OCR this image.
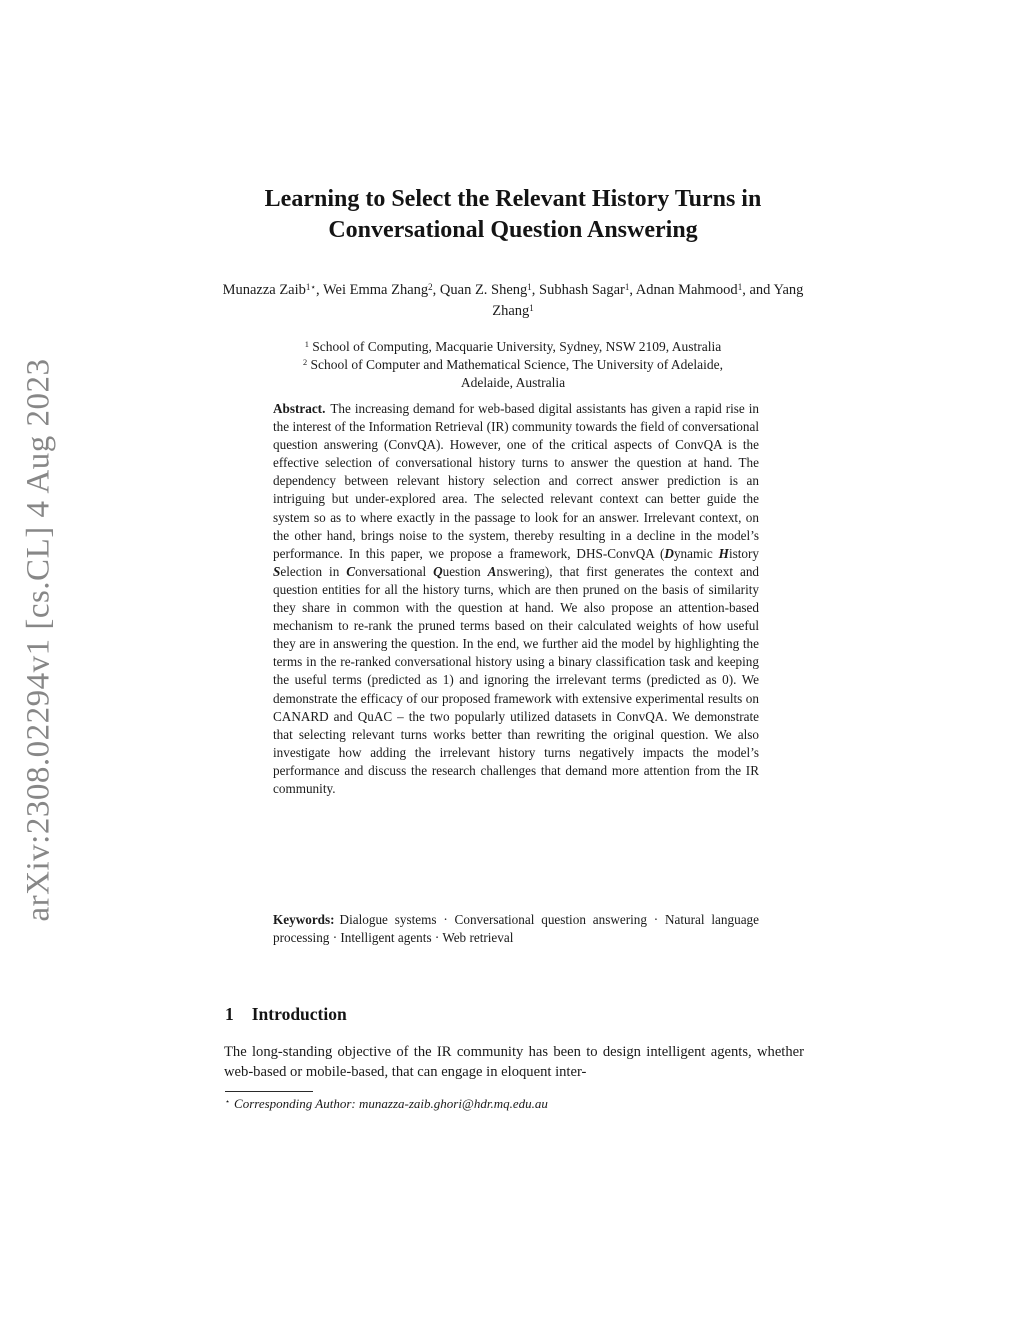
arXiv:2308.02294v1 [cs.CL] 4 Aug 2023
Learning to Select the Relevant History Turns in Conversational Question Answering
Munazza Zaib$^{1⋆}$, Wei Emma Zhang$^2$, Quan Z. Sheng$^1$, Subhash Sagar$^1$, Adnan Mahmood$^1$, and Yang Zhang$^1$
$^1$ School of Computing, Macquarie University, Sydney, NSW 2109, Australia
$^2$ School of Computer and Mathematical Science, The University of Adelaide,
Adelaide, Australia
Abstract. The increasing demand for web-based digital assistants has given a rapid rise in the interest of the Information Retrieval (IR) community towards the field of conversational question answering (ConvQA). However, one of the critical aspects of ConvQA is the effective selection of conversational history turns to answer the question at hand. The dependency between relevant history selection and correct answer prediction is an intriguing but under-explored area. The selected relevant context can better guide the system so as to where exactly in the passage to look for an answer. Irrelevant context, on the other hand, brings noise to the system, thereby resulting in a decline in the model’s performance. In this paper, we propose a framework, DHS-ConvQA (Dynamic History Selection in Conversational Question Answering), that first generates the context and question entities for all the history turns, which are then pruned on the basis of similarity they share in common with the question at hand. We also propose an attention-based mechanism to re-rank the pruned terms based on their calculated weights of how useful they are in answering the question. In the end, we further aid the model by highlighting the terms in the re-ranked conversational history using a binary classification task and keeping the useful terms (predicted as 1) and ignoring the irrelevant terms (predicted as 0). We demonstrate the efficacy of our proposed framework with extensive experimental results on CANARD and QuAC – the two popularly utilized datasets in ConvQA. We demonstrate that selecting relevant turns works better than rewriting the original question. We also investigate how adding the irrelevant history turns negatively impacts the model’s performance and discuss the research challenges that demand more attention from the IR community.
Keywords: Dialogue systems · Conversational question answering · Natural language processing · Intelligent agents · Web retrieval
1 Introduction

The long-standing objective of the IR community has been to design intelligent agents, whether web-based or mobile-based, that can engage in eloquent inter-

⋆ Corresponding Author: munazza-zaib.ghori@hdr.mq.edu.au
